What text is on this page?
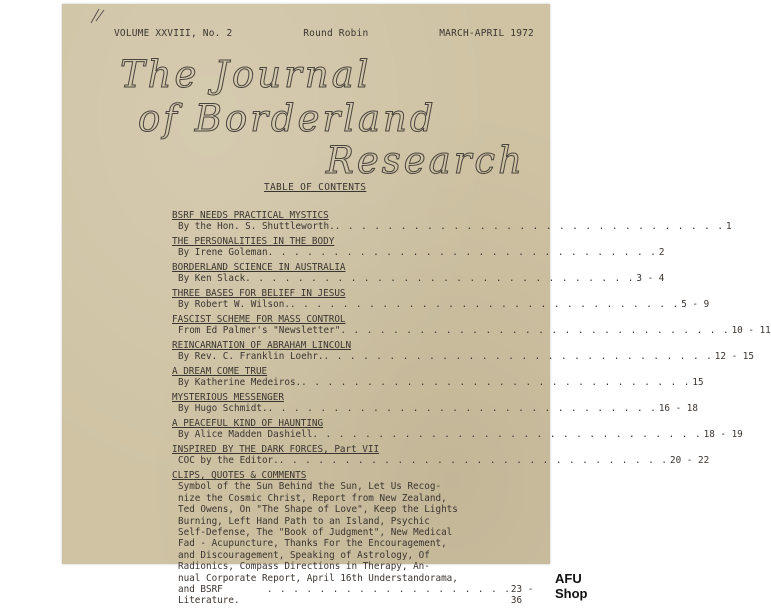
VOLUME XXVIII, No. 2	Round Robin	MARCH-APRIL 1972
The Journal
of Borderland
Research
TABLE OF CONTENTS
BSRF NEEDS PRACTICAL MYSTICS
By the Hon. S. Shuttleworth. . . . . . . . . . . . . . . . . . . . . . . . . . . . . . . 1
THE PERSONALITIES IN THE BODY
By Irene Goleman . . . . . . . . . . . . . . . . . . . . . . . . . . . . . . 2
BORDERLAND SCIENCE IN AUSTRALIA
By Ken Slack . . . . . . . . . . . . . . . . . . . . . . . . . . . . . . 3 - 4
THREE BASES FOR BELIEF IN JESUS
By Robert W. Wilson. . . . . . . . . . . . . . . . . . . . . . . . . . . . . . . 5 - 9
FASCIST SCHEME FOR MASS CONTROL
From Ed Palmer's "Newsletter" . . . . . . . . . . . . . . . . . . . . . . . . . . . . . . 10 - 11
REINCARNATION OF ABRAHAM LINCOLN
By Rev. C. Franklin Loehr. . . . . . . . . . . . . . . . . . . . . . . . . . . . . . . 12 - 15
A DREAM COME TRUE
By Katherine Medeiros. . . . . . . . . . . . . . . . . . . . . . . . . . . . . . . 15
MYSTERIOUS MESSENGER
By Hugo Schmidt. . . . . . . . . . . . . . . . . . . . . . . . . . . . . . . 16 - 18
A PEACEFUL KIND OF HAUNTING
By Alice Madden Dashiell . . . . . . . . . . . . . . . . . . . . . . . . . . . . . . 18 - 19
INSPIRED BY THE DARK FORCES, Part VII
COC by the Editor. . . . . . . . . . . . . . . . . . . . . . . . . . . . . . . 20 - 22
CLIPS, QUOTES & COMMENTS
Symbol of the Sun Behind the Sun, Let Us Recog-
nize the Cosmic Christ, Report from New Zealand,
Ted Owens, On "The Shape of Love", Keep the Lights
Burning, Left Hand Path to an Island, Psychic
Self-Defense, The "Book of Judgment", New Medical
Fad - Acupuncture, Thanks For the Encouragement,
and Discouragement, Speaking of Astrology, Of
Radionics, Compass Directions in Therapy, An-
nual Corporate Report, April 16th Understandorama,
and BSRF Literature.
. . . . . . . . . . . . . . . . . . . 23 - 36
AFU Shop
